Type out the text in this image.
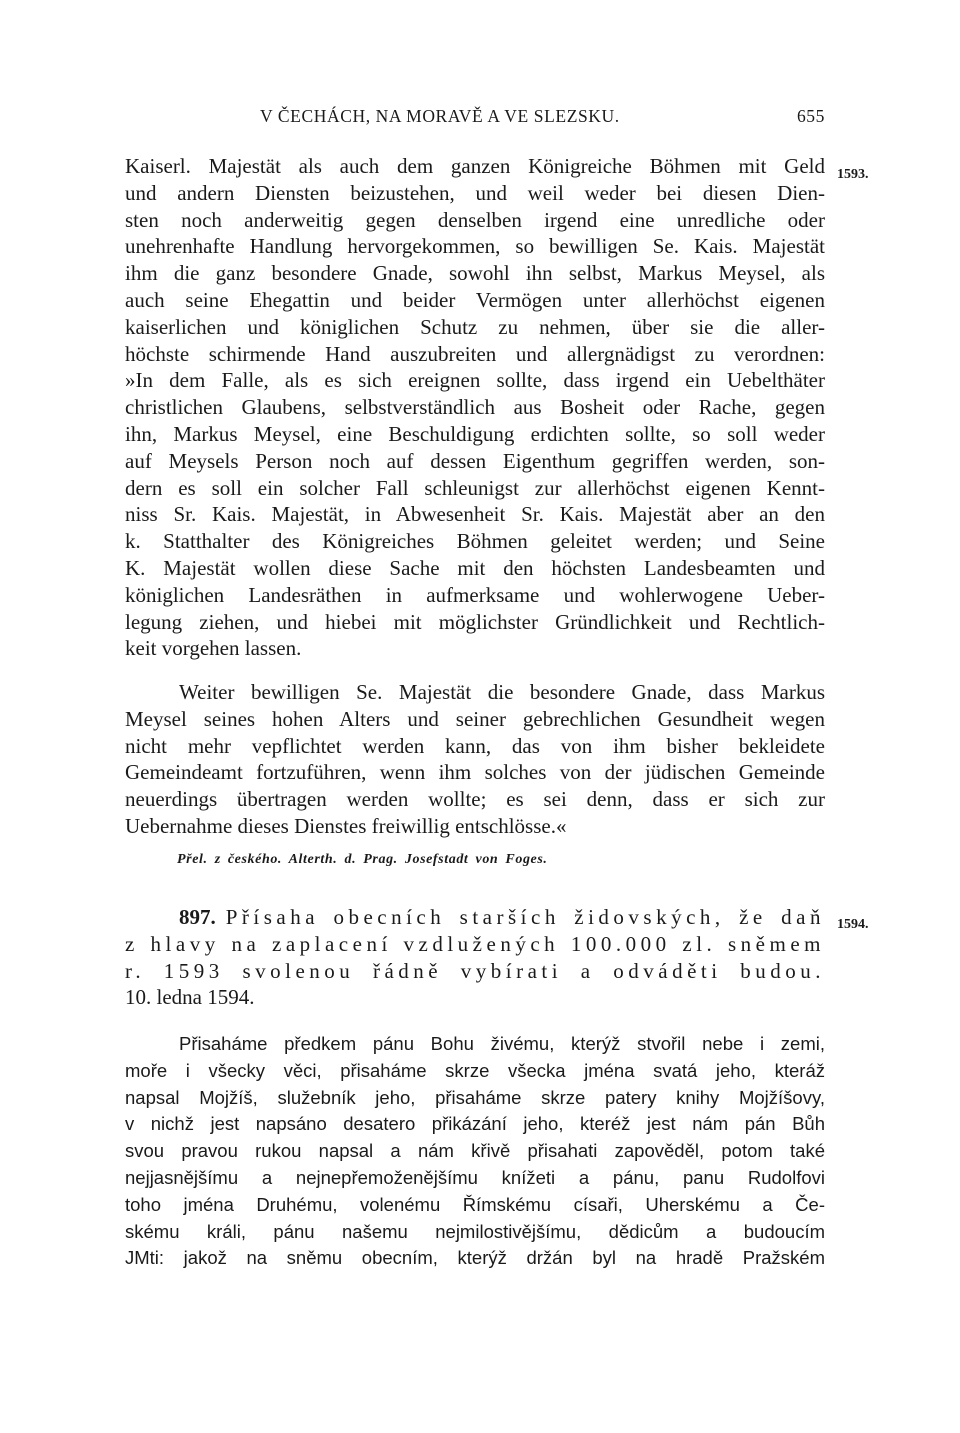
V ČECHÁCH, NA MORAVĚ A VE SLEZSKU.	655
1593.
Kaiserl. Majestät als auch dem ganzen Königreiche Böhmen mit Geld
und andern Diensten beizustehen, und weil weder bei diesen Dien-
sten noch anderweitig gegen denselben irgend eine unredliche oder
unehrenhafte Handlung hervorgekommen, so bewilligen Se. Kais. Majestät
ihm die ganz besondere Gnade, sowohl ihn selbst, Markus Meysel, als
auch seine Ehegattin und beider Vermögen unter allerhöchst eigenen
kaiserlichen und königlichen Schutz zu nehmen, über sie die aller-
höchste schirmende Hand auszubreiten und allergnädigst zu verordnen:
»In dem Falle, als es sich ereignen sollte, dass irgend ein Uebelthäter
christlichen Glaubens, selbstverständlich aus Bosheit oder Rache, gegen
ihn, Markus Meysel, eine Beschuldigung erdichten sollte, so soll weder
auf Meysels Person noch auf dessen Eigenthum gegriffen werden, son-
dern es soll ein solcher Fall schleunigst zur allerhöchst eigenen Kennt-
niss Sr. Kais. Majestät, in Abwesenheit Sr. Kais. Majestät aber an den
k. Statthalter des Königreiches Böhmen geleitet werden; und Seine
K. Majestät wollen diese Sache mit den höchsten Landesbeamten und
königlichen Landesräthen in aufmerksame und wohlerwogene Ueber-
legung ziehen, und hiebei mit möglichster Gründlichkeit und Rechtlich-
keit vorgehen lassen.
Weiter bewilligen Se. Majestät die besondere Gnade, dass Markus
Meysel seines hohen Alters und seiner gebrechlichen Gesundheit wegen
nicht mehr vepflichtet werden kann, das von ihm bisher bekleidete
Gemeindeamt fortzuführen, wenn ihm solches von der jüdischen Gemeinde
neuerdings übertragen werden wollte; es sei denn, dass er sich zur
Uebernahme dieses Dienstes freiwillig entschlösse.«
Přel. z českého. Alterth. d. Prag. Josefstadt von Foges.
1594.
897. Přísaha obecních starších židovských, že daň
z hlavy na zaplacení vzdlužených 100.000 zl. sněmem
r. 1593 svolenou řádně vybírati a odváděti budou.
10. ledna 1594.
Přisaháme předkem pánu Bohu živému, kterýž stvořil nebe i zemi,
moře i všecky věci, přisaháme skrze všecka jména svatá jeho, kteráž
napsal Mojžíš, služebník jeho, přisaháme skrze patery knihy Mojžíšovy,
v nichž jest napsáno desatero přikázání jeho, kteréž jest nám pán Bůh
svou pravou rukou napsal a nám křivě přisahati zapověděl, potom také
nejjasnějšímu a nejnepřemoženějšímu knížeti a pánu, panu Rudolfovi
toho jména Druhému, volenému Římskému císaři, Uherskému a Če-
skému králi, pánu našemu nejmilostivějšímu, dědicům a budoucím
JMti: jakož na sněmu obecním, kterýž držán byl na hradě Pražském
